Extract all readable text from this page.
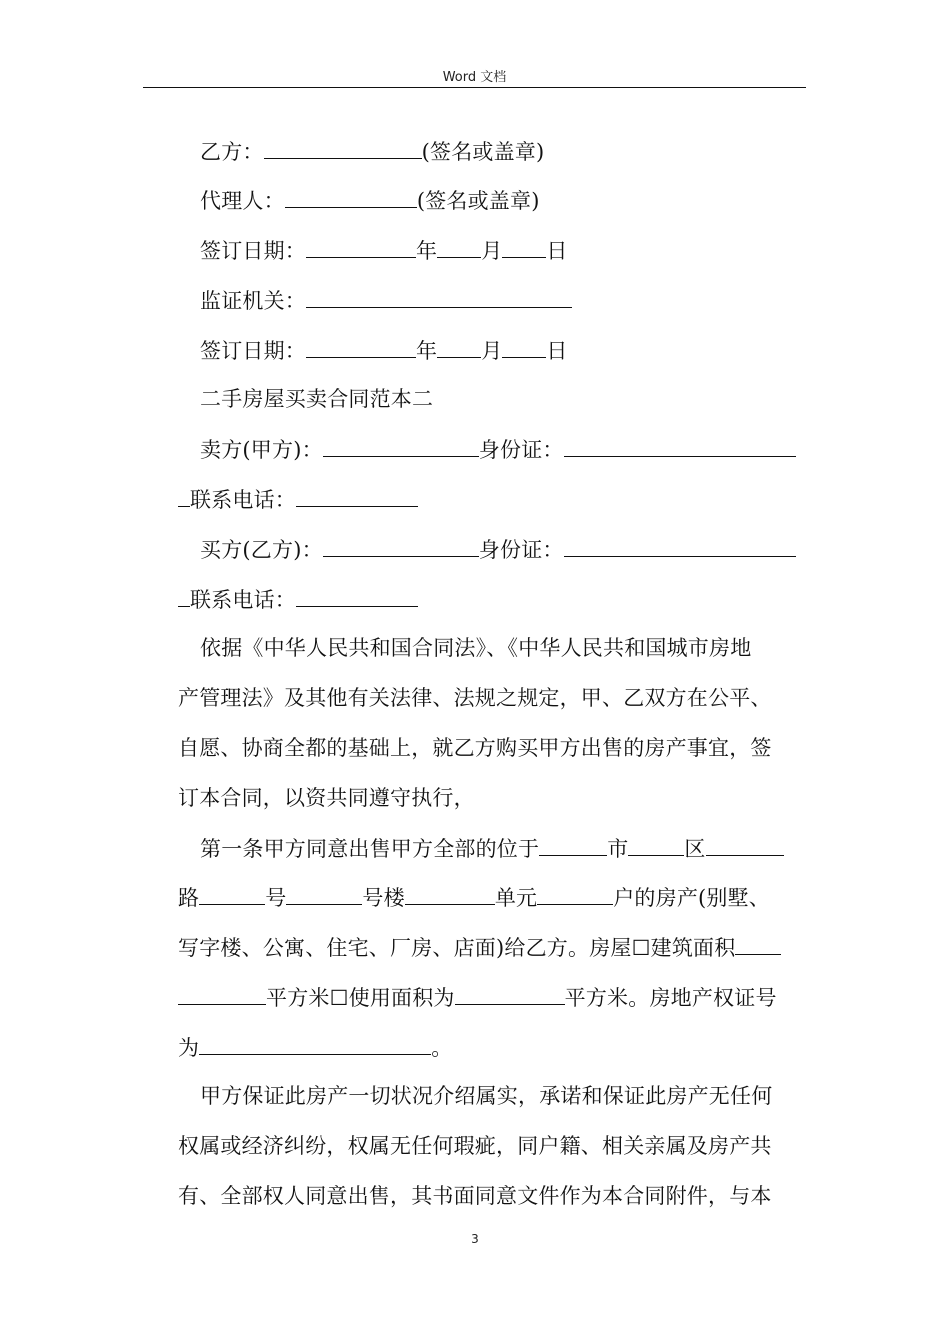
Word 文档
乙方：	(签名或盖章)
代理人：	(签名或盖章)
签订日期：	年 月 日
监证机关：
签订日期：	年 月 日
二手房屋买卖合同范本二
卖方(甲方)：	身份证：
联系电话：
买方(乙方)：	身份证：
联系电话：
依据《中华人民共和国合同法》、《中华人民共和国城市房地
产管理法》及其他有关法律、法规之规定，甲、乙双方在公平、
自愿、协商全都的基础上，就乙方购买甲方出售的房产事宜，签
订本合同，以资共同遵守执行，
第一条甲方同意出售甲方全部的位于	市	区
路	号	号楼	单元	户的房产(别墅、
写字楼、公寓、住宅、厂房、店面)给乙方。房屋☐建筑面积
平方米☐使用面积为	平方米。房地产权证号
为	。
甲方保证此房产一切状况介绍属实，承诺和保证此房产无任何
权属或经济纠纷，权属无任何瑕疵，同户籍、相关亲属及房产共
有、全部权人同意出售，其书面同意文件作为本合同附件，与本
3
